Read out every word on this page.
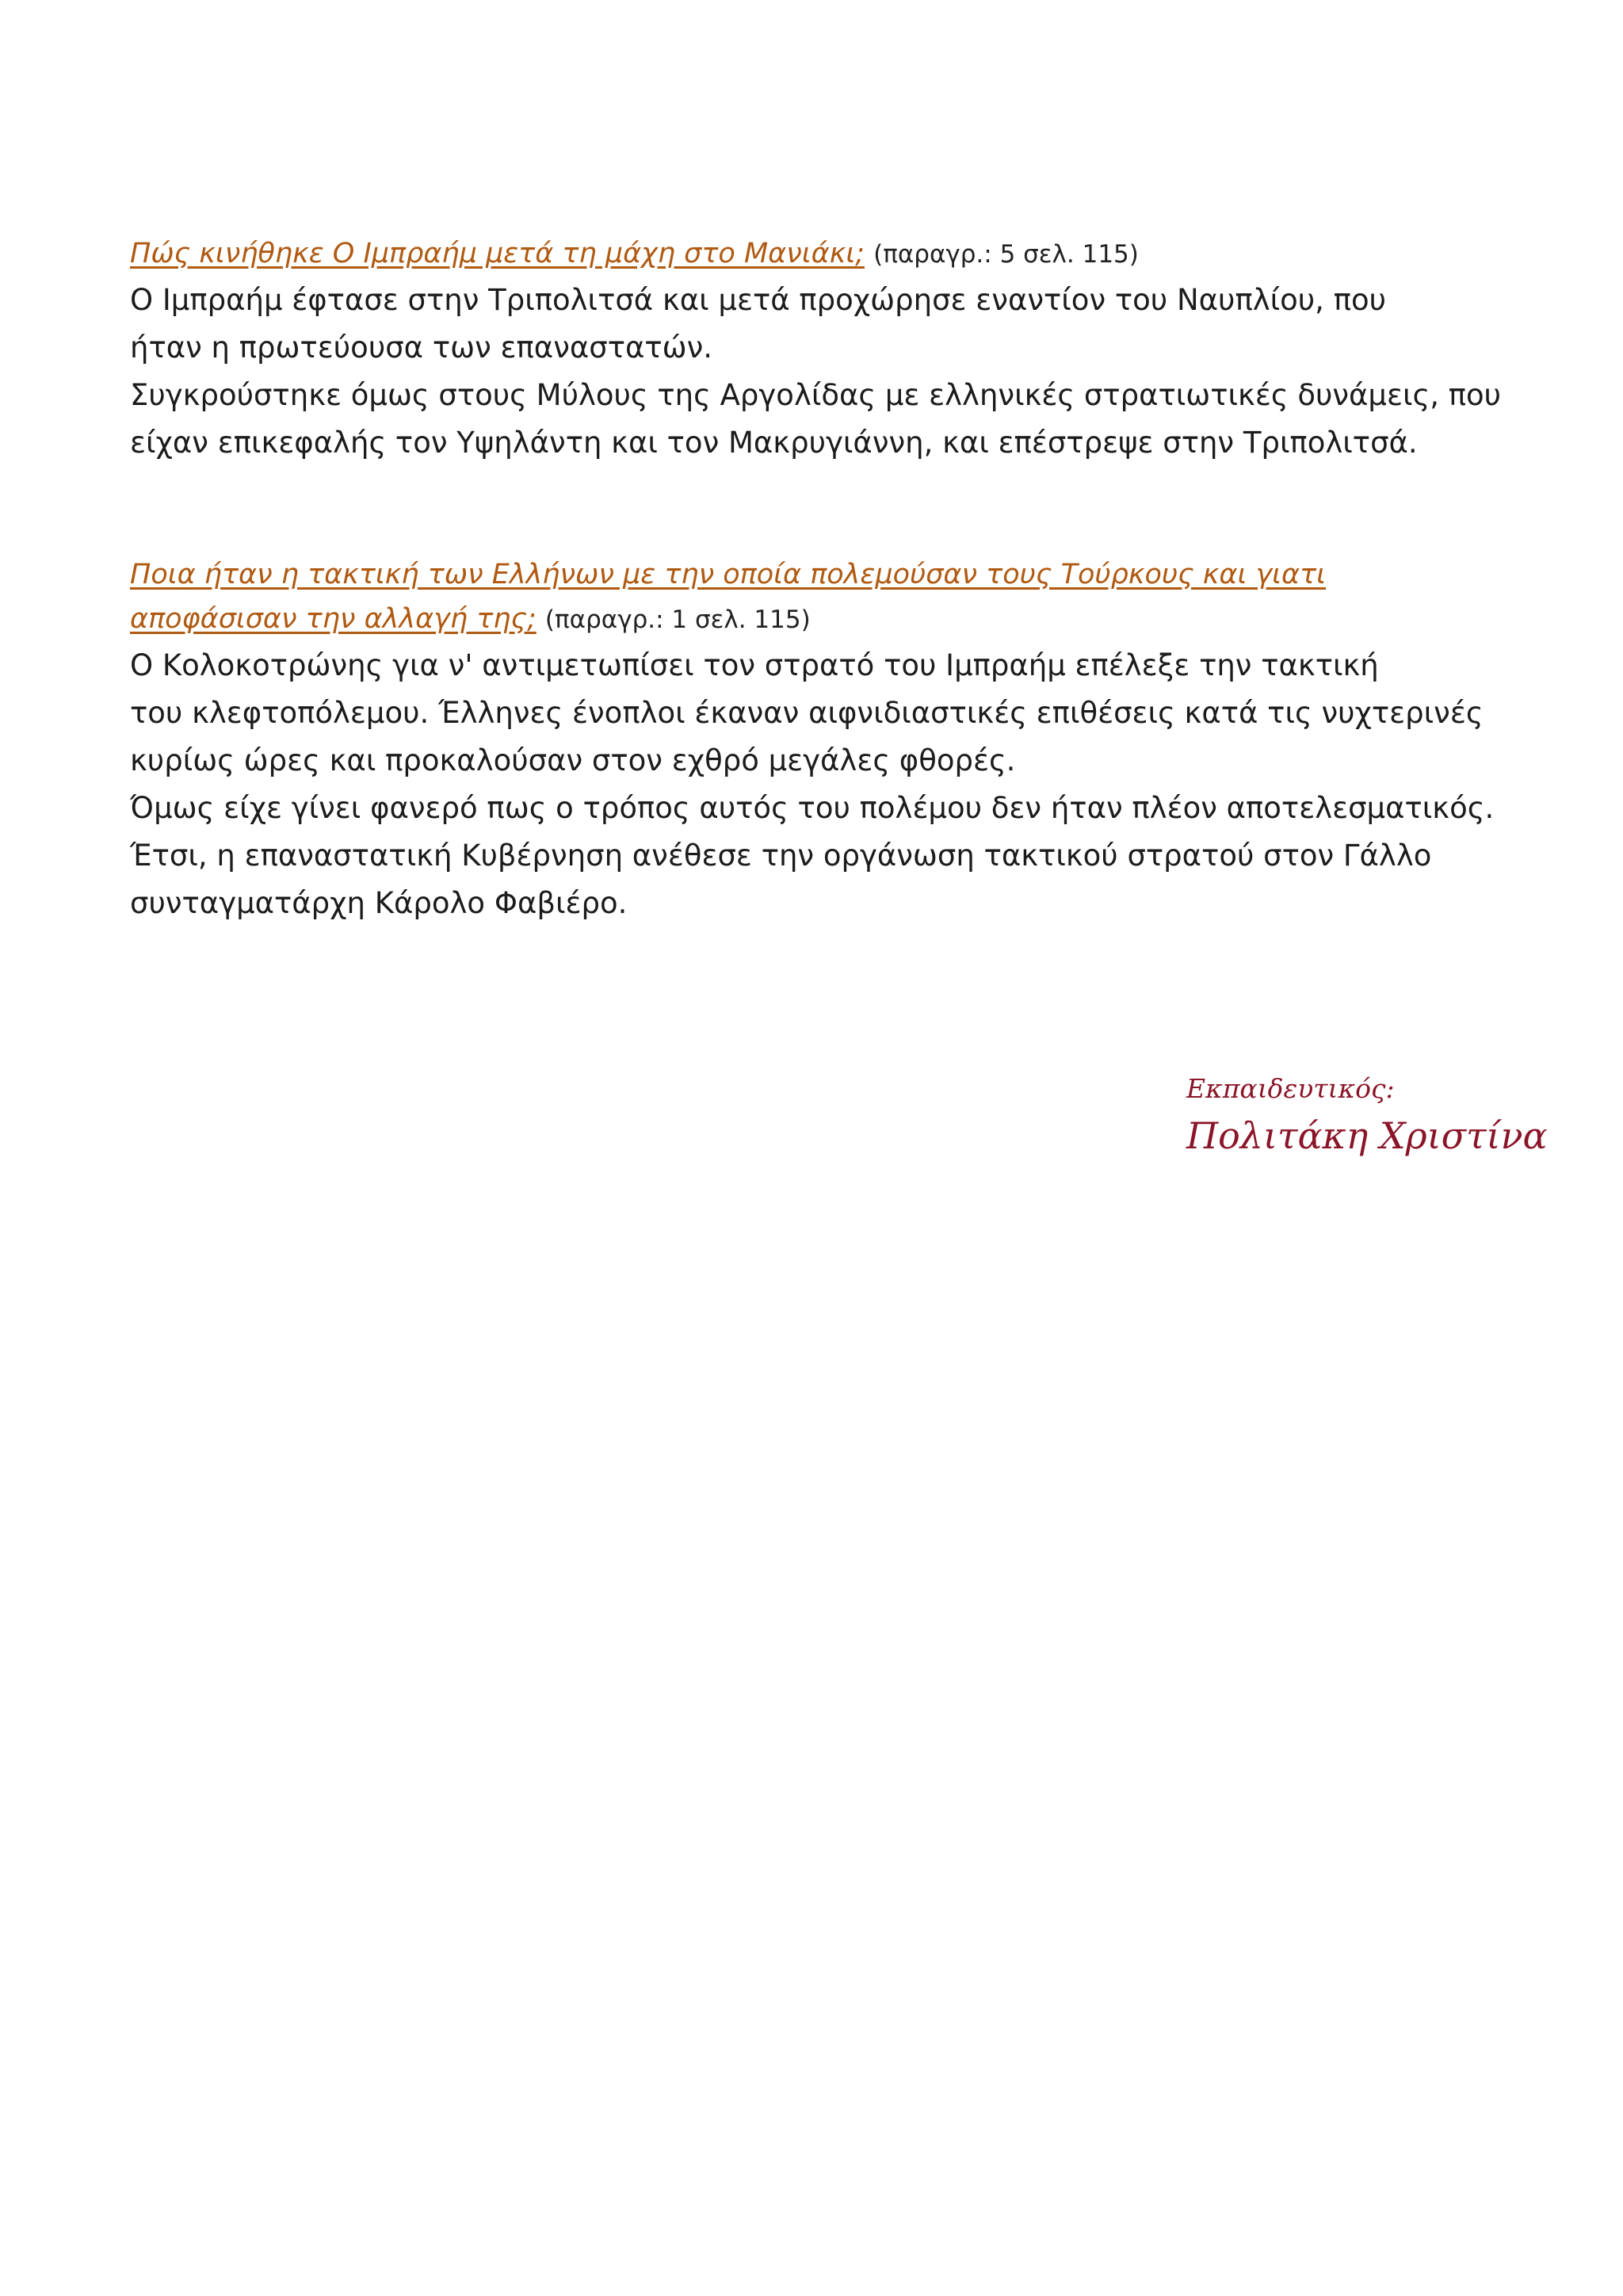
Πώς κινήθηκε Ο Ιμπραήμ μετά τη μάχη στο Μανιάκι; (παραγρ.: 5 σελ. 115)
Ο Ιμπραήμ έφτασε στην Τριπολιτσά και μετά προχώρησε εναντίον του Ναυπλίου, που
ήταν η πρωτεύουσα των επαναστατών.
Συγκρούστηκε όμως στους Μύλους της Αργολίδας με ελληνικές στρατιωτικές δυνάμεις, που
είχαν επικεφαλής τον Υψηλάντη και τον Μακρυγιάννη, και επέστρεψε στην Τριπολιτσά.
Ποια ήταν η τακτική των Ελλήνων με την οποία πολεμούσαν τους Τούρκους και γιατι
αποφάσισαν την αλλαγή της; (παραγρ.: 1 σελ. 115)
Ο Κολοκοτρώνης για ν' αντιμετωπίσει τον στρατό του Ιμπραήμ επέλεξε την τακτική
του κλεφτοπόλεμου. Έλληνες ένοπλοι έκαναν αιφνιδιαστικές επιθέσεις κατά τις νυχτερινές
κυρίως ώρες και προκαλούσαν στον εχθρό μεγάλες φθορές.
Όμως είχε γίνει φανερό πως ο τρόπος αυτός του πολέμου δεν ήταν πλέον αποτελεσματικός.
Έτσι, η επαναστατική Κυβέρνηση ανέθεσε την οργάνωση τακτικού στρατού στον Γάλλο
συνταγματάρχη Κάρολο Φαβιέρο.
Εκπαιδευτικός:
Πολιτάκη Χριστίνα
